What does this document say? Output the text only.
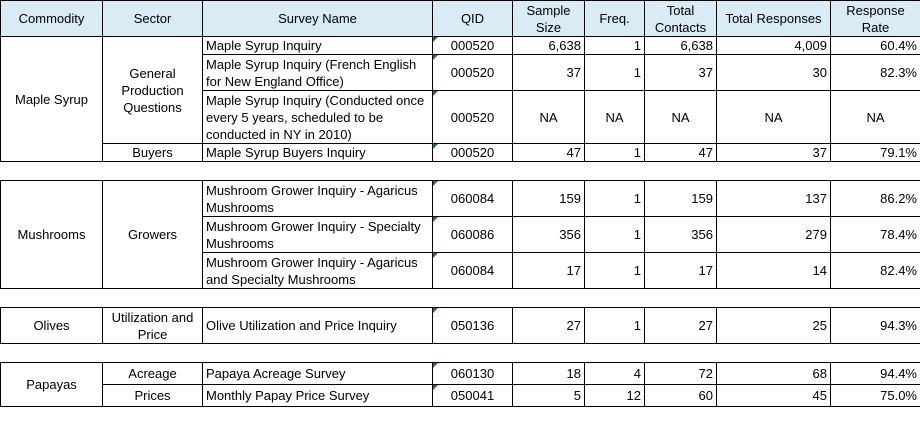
Commodity	Sector	Survey Name	QID	Sample Size	Freq.	Total Contacts	Total Responses	Response Rate
Maple Syrup	General Production Questions	Maple Syrup Inquiry	000520	6,638	1	6,638	4,009	60.4%
		Maple Syrup Inquiry (French English for New England Office)	000520	37	1	37	30	82.3%
		Maple Syrup Inquiry (Conducted once every 5 years, scheduled to be conducted in NY in 2010)	000520	NA	NA	NA	NA	NA
	Buyers	Maple Syrup Buyers Inquiry	000520	47	1	47	37	79.1%

Mushrooms	Growers	Mushroom Grower Inquiry - Agaricus Mushrooms	060084	159	1	159	137	86.2%
		Mushroom Grower Inquiry - Specialty Mushrooms	060086	356	1	356	279	78.4%
		Mushroom Grower Inquiry - Agaricus and Specialty Mushrooms	060084	17	1	17	14	82.4%

Olives	Utilization and Price	Olive Utilization and Price Inquiry	050136	27	1	27	25	94.3%

Papayas	Acreage	Papaya Acreage Survey	060130	18	4	72	68	94.4%
	Prices	Monthly Papay Price Survey	050041	5	12	60	45	75.0%
